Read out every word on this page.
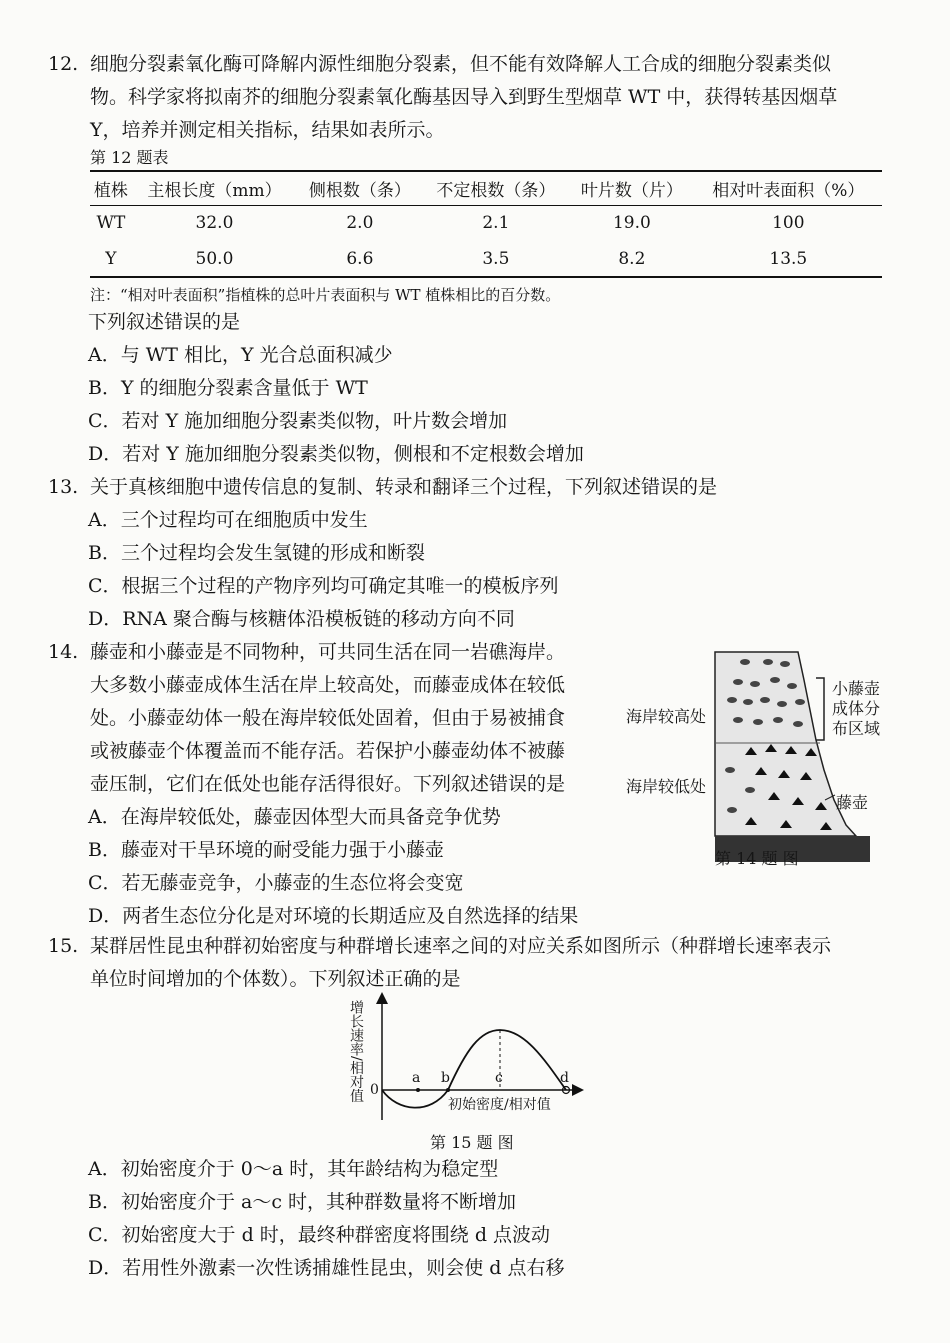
12. 细胞分裂素氧化酶可降解内源性细胞分裂素，但不能有效降解人工合成的细胞分裂素类似
物。科学家将拟南芥的细胞分裂素氧化酶基因导入到野生型烟草 WT 中，获得转基因烟草
Y，培养并测定相关指标，结果如表所示。
第 12 题表
植株	主根长度（mm）	侧根数（条）	不定根数（条）	叶片数（片）	相对叶表面积（%）
WT	32.0	2.0	2.1	19.0	100
Y	50.0	6.6	3.5	8.2	13.5
注：“相对叶表面积”指植株的总叶片表面积与 WT 植株相比的百分数。
下列叙述错误的是
A．与 WT 相比，Y 光合总面积减少
B．Y 的细胞分裂素含量低于 WT
C．若对 Y 施加细胞分裂素类似物，叶片数会增加
D．若对 Y 施加细胞分裂素类似物，侧根和不定根数会增加
13. 关于真核细胞中遗传信息的复制、转录和翻译三个过程，下列叙述错误的是
A．三个过程均可在细胞质中发生
B．三个过程均会发生氢键的形成和断裂
C．根据三个过程的产物序列均可确定其唯一的模板序列
D．RNA 聚合酶与核糖体沿模板链的移动方向不同
14. 藤壶和小藤壶是不同物种，可共同生活在同一岩礁海岸。
大多数小藤壶成体生活在岸上较高处，而藤壶成体在较低
处。小藤壶幼体一般在海岸较低处固着，但由于易被捕食
或被藤壶个体覆盖而不能存活。若保护小藤壶幼体不被藤
壶压制，它们在低处也能存活得很好。下列叙述错误的是
A．在海岸较低处，藤壶因体型大而具备竞争优势
B．藤壶对干旱环境的耐受能力强于小藤壶
C．若无藤壶竞争，小藤壶的生态位将会变宽
D．两者生态位分化是对环境的长期适应及自然选择的结果
海岸较高处
海岸较低处
小藤壶
成体分
布区域
藤壶
第 14 题 图
15. 某群居性昆虫种群初始密度与种群增长速率之间的对应关系如图所示（种群增长速率表示
单位时间增加的个体数）。下列叙述正确的是
增长速率/相对值 0
a b	c	d
初始密度/相对值
第 15 题 图
A．初始密度介于 0～a 时，其年龄结构为稳定型
B．初始密度介于 a～c 时，其种群数量将不断增加
C．初始密度大于 d 时，最终种群密度将围绕 d 点波动
D．若用性外激素一次性诱捕雄性昆虫，则会使 d 点右移
